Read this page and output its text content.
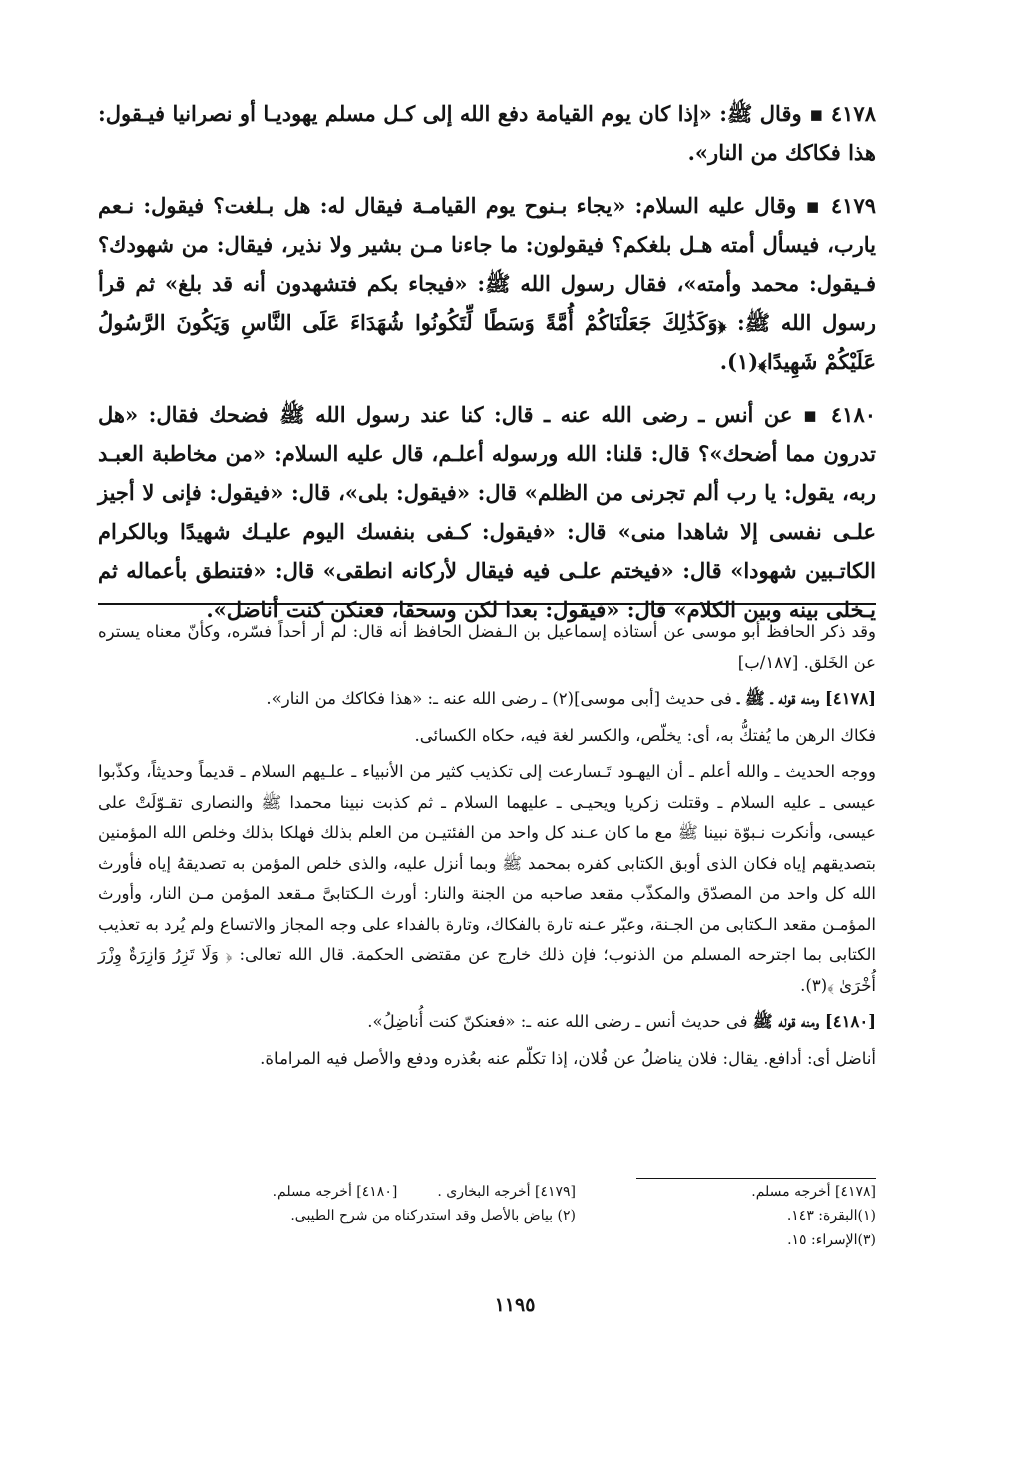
٤١٧٨ ▪ وقال ﷺ: «إذا كان يوم القيامة دفع الله إلى كـل مسلم يهوديـا أو نصرانيا فيـقول: هذا فكاكك من النار».

٤١٧٩ ▪ وقال عليه السلام: «يجاء بـنوح يوم القيامـة فيقال له: هل بـلغت؟ فيقول: نـعم يارب، فيسأل أمته هـل بلغكم؟ فيقولون: ما جاءنا مـن بشير ولا نذير، فيقال: من شهودك؟ فـيقول: محمد وأمته»، فقال رسول الله ﷺ: «فيجاء بكم فتشهدون أنه قد بلغ» ثم قرأ رسول الله ﷺ: ﴿وَكَذَٰلِكَ جَعَلْنَاكُمْ أُمَّةً وَسَطًا لِّتَكُونُوا شُهَدَاءَ عَلَى النَّاسِ وَيَكُونَ الرَّسُولُ عَلَيْكُمْ شَهِيدًا﴾(١).

٤١٨٠ ▪ عن أنس ـ رضى الله عنه ـ قال: كنا عند رسول الله ﷺ فضحك فقال: «هل تدرون مما أضحك»؟ قال: قلنا: الله ورسوله أعلـم، قال عليه السلام: «من مخاطبة العبـد ربه، يقول: يا رب ألم تجرنى من الظلم» قال: «فيقول: بلى»، قال: «فيقول: فإنى لا أجيز علـى نفسى إلا شاهدا منى» قال: «فيقول: كـفى بنفسك اليوم عليـك شهيدًا وبالكرام الكاتـبين شهودا» قال: «فيختم علـى فيه فيقال لأركانه انطقى» قال: «فتنطق بأعماله ثم يـخلى بينه وبين الكلام» قال: «فيقول: بعدا لكن وسحقا، فعنكن كنت أناضل».

وقد ذكر الحافظ أبو موسى عن أستاذه إسماعيل بن الـفضل الحافظ أنه قال: لم أر أحداً فسّره، وكأنّ معناه يستره عن الخَلق. [١٨٧/ب]

[٤١٧٨] ومنه قوله ـ ﷺ ـ فى حديث [أبى موسى](٢) ـ رضى الله عنه ـ: «هذا فكاكك من النار».

فكاك الرهن ما يُفتكُّ به، أى: يخلّص، والكسر لغة فيه، حكاه الكسائى.

ووجه الحديث ـ والله أعلم ـ أن اليهـود تَـسارعت إلى تكذيب كثير من الأنبياء ـ علـيهم السلام ـ قديماً وحديثاً، وكذّبوا عيسى ـ عليه السلام ـ وقتلت زكريا ويحيـى ـ عليهما السلام ـ ثم كذبت نبينا محمدا ﷺ والنصارى تقـوّلَتْ على عيسى، وأنكرت نـبوّة نبينا ﷺ مع ما كان عـند كل واحد من الفئتيـن من العلم بذلك فهلكا بذلك وخلص الله المؤمنين بتصديقهم إياه فكان الذى أوبق الكتابى كفره بمحمد ﷺ وبما أنزل عليه، والذى خلص المؤمن به تصديقهُ إياه فأورث الله كل واحد من المصدّق والمكذّب مقعد صاحبه من الجنة والنار: أورث الـكتابىَّ مـقعد المؤمن مـن النار، وأورث المؤمـن مقعد الـكتابى من الجـنة، وعبّر عـنه تارة بالفكاك، وتارة بالفداء على وجه المجاز والاتساع ولم يُرد به تعذيب الكتابى بما اجترحه المسلم من الذنوب؛ فإن ذلك خارج عن مقتضى الحكمة. قال الله تعالى: ﴿ وَلَا تَزِرُ وَازِرَةٌ وِزْرَ أُخْرَىٰ ﴾(٣).

[٤١٨٠] ومنه قوله ﷺ فى حديث أنس ـ رضى الله عنه ـ: «فعنكنّ كنت أُناضِلُ».

أناضل أى: أدافع. يقال: فلان يناضلُ عن فُلان، إذا تكلّم عنه بعُذره ودفع والأصل فيه المراماة.

[٤١٧٨] أخرجه مسلم.
(١)البقرة: ١٤٣.
(٣)الإسراء: ١٥.
[٤١٧٩] أخرجه البخارى .         [٤١٨٠] أخرجه مسلم.
(٢) بياض بالأصل وقد استدركناه من شرح الطيبى.
١١٩٥
